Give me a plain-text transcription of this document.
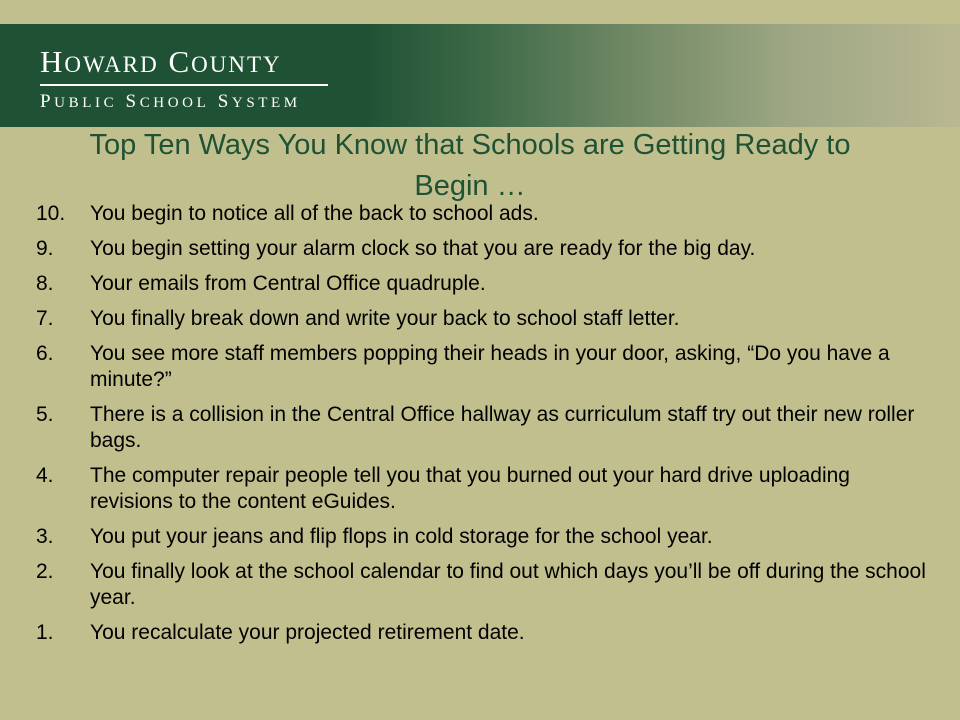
HOWARD COUNTY
PUBLIC SCHOOL SYSTEM
Top Ten Ways You Know that Schools are Getting Ready to Begin …
10. You begin to notice all of the back to school ads.
9. You begin setting your alarm clock so that you are ready for the big day.
8. Your emails from Central Office quadruple.
7. You finally break down and write your back to school staff letter.
6. You see more staff members popping their heads in your door, asking, “Do you have a minute?”
5. There is a collision in the Central Office hallway as curriculum staff try out their new roller bags.
4. The computer repair people tell you that you burned out your hard drive uploading revisions to the content eGuides.
3. You put your jeans and flip flops in cold storage for the school year.
2. You finally look at the school calendar to find out which days you’ll be off during the school year.
1. You recalculate your projected retirement date.
